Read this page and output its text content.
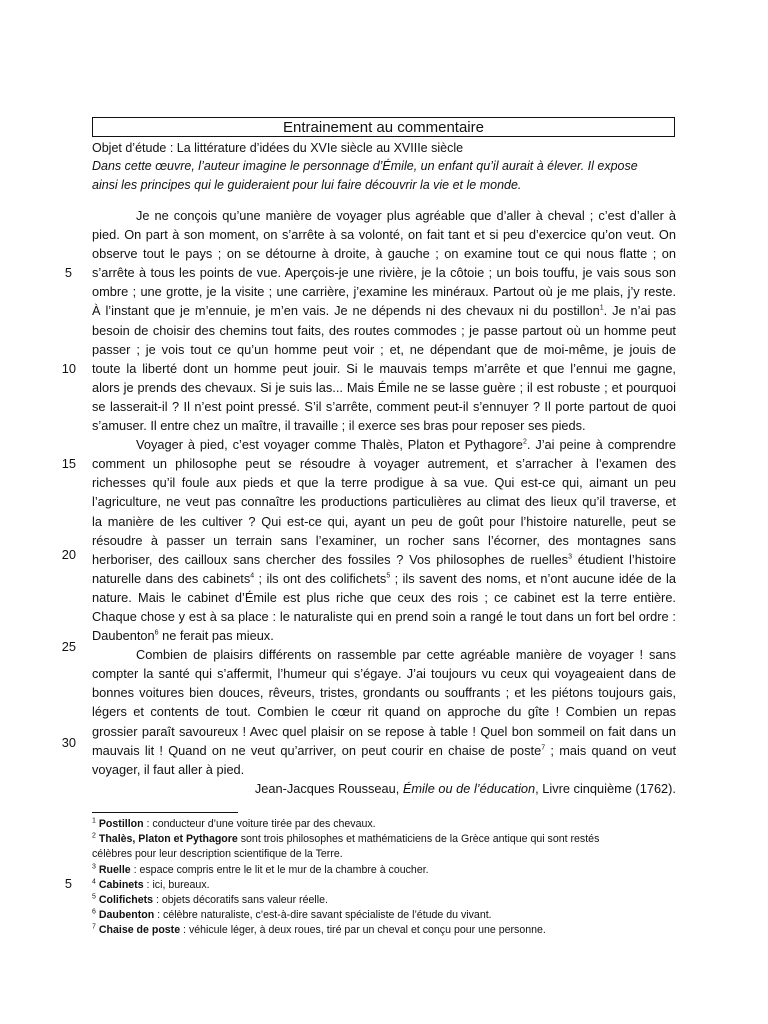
Entrainement au commentaire
Objet d’étude : La littérature d’idées du XVIe siècle au XVIIIe siècle
Dans cette œuvre, l’auteur imagine le personnage d’Émile, un enfant qu’il aurait à élever. Il expose
ainsi les principes qui le guideraient pour lui faire découvrir la vie et le monde.
5
10
15
20
25
30
Je ne conçois qu’une manière de voyager plus agréable que d’aller à cheval ; c’est d’aller à
pied. On part à son moment, on s’arrête à sa volonté, on fait tant et si peu d’exercice qu’on veut. On
observe tout le pays ; on se détourne à droite, à gauche ; on examine tout ce qui nous flatte ; on
s’arrête à tous les points de vue. Aperçois-je une rivière, je la côtoie ; un bois touffu, je vais sous son
ombre ; une grotte, je la visite ; une carrière, j’examine les minéraux. Partout où je me plais, j’y reste.
À l’instant que je m’ennuie, je m’en vais. Je ne dépends ni des chevaux ni du postillon$^1$. Je n’ai pas
besoin de choisir des chemins tout faits, des routes commodes ; je passe partout où un homme peut
passer ; je vois tout ce qu’un homme peut voir ; et, ne dépendant que de moi-même, je jouis de
toute la liberté dont un homme peut jouir. Si le mauvais temps m’arrête et que l’ennui me gagne,
alors je prends des chevaux. Si je suis las... Mais Émile ne se lasse guère ; il est robuste ; et pourquoi
se lasserait-il ? Il n’est point pressé. S’il s’arrête, comment peut-il s’ennuyer ? Il porte partout de quoi
s’amuser. Il entre chez un maître, il travaille ; il exerce ses bras pour reposer ses pieds.
Voyager à pied, c’est voyager comme Thalès, Platon et Pythagore$^2$. J’ai peine à comprendre
comment un philosophe peut se résoudre à voyager autrement, et s’arracher à l’examen des
richesses qu’il foule aux pieds et que la terre prodigue à sa vue. Qui est-ce qui, aimant un peu
l’agriculture, ne veut pas connaître les productions particulières au climat des lieux qu’il traverse, et
la manière de les cultiver ? Qui est-ce qui, ayant un peu de goût pour l’histoire naturelle, peut se
résoudre à passer un terrain sans l’examiner, un rocher sans l’écorner, des montagnes sans
herboriser, des cailloux sans chercher des fossiles ? Vos philosophes de ruelles$^3$ étudient l’histoire
naturelle dans des cabinets$^4$ ; ils ont des colifichets$^5$ ; ils savent des noms, et n’ont aucune idée de la
nature. Mais le cabinet d’Émile est plus riche que ceux des rois ; ce cabinet est la terre entière.
Chaque chose y est à sa place : le naturaliste qui en prend soin a rangé le tout dans un fort bel ordre :
Daubenton$^6$ ne ferait pas mieux.
Combien de plaisirs différents on rassemble par cette agréable manière de voyager ! sans
compter la santé qui s’affermit, l’humeur qui s’égaye. J’ai toujours vu ceux qui voyageaient dans de
bonnes voitures bien douces, rêveurs, tristes, grondants ou souffrants ; et les piétons toujours gais,
légers et contents de tout. Combien le cœur rit quand on approche du gîte ! Combien un repas
grossier paraît savoureux ! Avec quel plaisir on se repose à table ! Quel bon sommeil on fait dans un
mauvais lit ! Quand on ne veut qu’arriver, on peut courir en chaise de poste$^7$ ; mais quand on veut
voyager, il faut aller à pied.
Jean-Jacques Rousseau, Émile ou de l’éducation, Livre cinquième (1762).
5
$^1$ Postillon : conducteur d’une voiture tirée par des chevaux.
$^2$ Thalès, Platon et Pythagore sont trois philosophes et mathématiciens de la Grèce antique qui sont restés
célèbres pour leur description scientifique de la Terre.
$^3$ Ruelle : espace compris entre le lit et le mur de la chambre à coucher.
$^4$ Cabinets : ici, bureaux.
$^5$ Colifichets : objets décoratifs sans valeur réelle.
$^6$ Daubenton : célèbre naturaliste, c’est-à-dire savant spécialiste de l’étude du vivant.
$^7$ Chaise de poste : véhicule léger, à deux roues, tiré par un cheval et conçu pour une personne.
